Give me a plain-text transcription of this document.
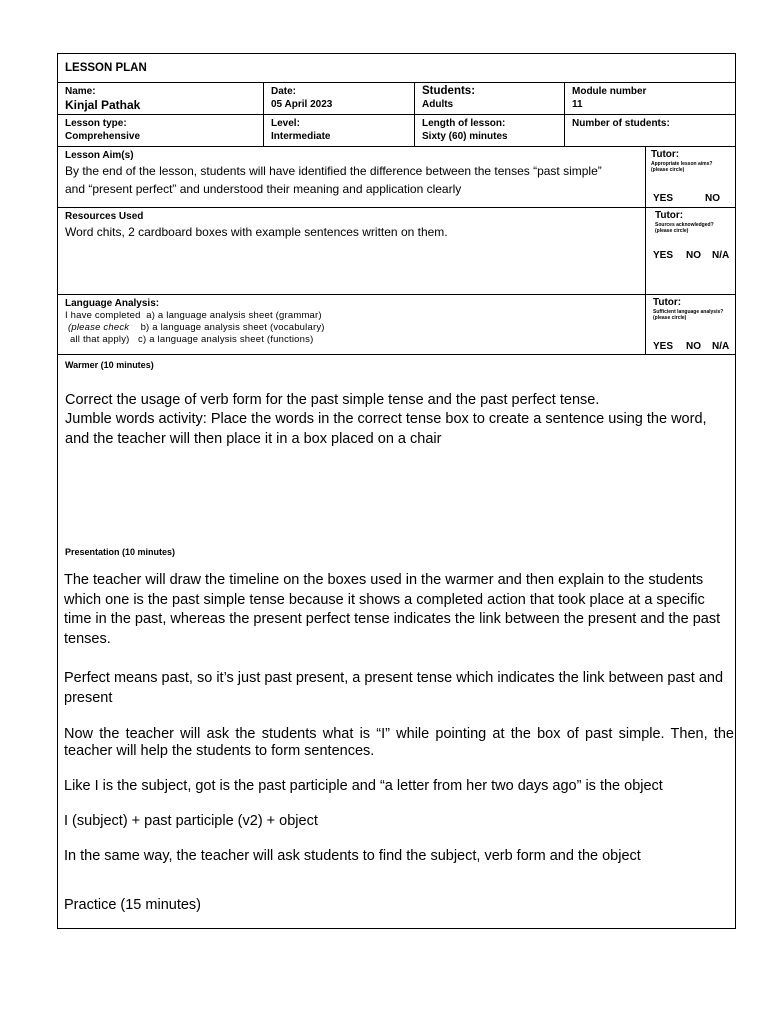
LESSON PLAN
Name:
Kinjal Pathak
Date:
05 April 2023
Students:
Adults
Module number
11
Lesson type:
Comprehensive
Level:
Intermediate
Length of lesson:
Sixty (60) minutes
Number of students:
Lesson Aim(s)
By the end of the lesson, students will have identified the difference between the tenses “past simple”
and “present perfect” and understood their meaning and application clearly
Tutor:
Appropriate lesson aims?
(please circle)
YES	NO
Resources Used
Word chits, 2 cardboard boxes with example sentences written on them.
Tutor:
Sources acknowledged?
(please circle)
YES NO N/A
Language Analysis:
I have completed a) a language analysis sheet (grammar)
(please check b) a language analysis sheet (vocabulary)
all that apply) c) a language analysis sheet (functions)
Tutor:
Sufficient language analysis?
(please circle)
YES NO N/A
Warmer (10 minutes)
Correct the usage of verb form for the past simple tense and the past perfect tense.
Jumble words activity: Place the words in the correct tense box to create a sentence using the word, and the teacher will then place it in a box placed on a chair
Presentation (10 minutes)
The teacher will draw the timeline on the boxes used in the warmer and then explain to the students which one is the past simple tense because it shows a completed action that took place at a specific time in the past, whereas the present perfect tense indicates the link between the present and the past tenses.
Perfect means past, so it’s just past present, a present tense which indicates the link between past and present
Now the teacher will ask the students what is “I” while pointing at the box of past simple. Then, the teacher will help the students to form sentences.
Like I is the subject, got is the past participle and “a letter from her two days ago” is the object
I (subject) + past participle (v2) + object
In the same way, the teacher will ask students to find the subject, verb form and the object
Practice (15 minutes)
